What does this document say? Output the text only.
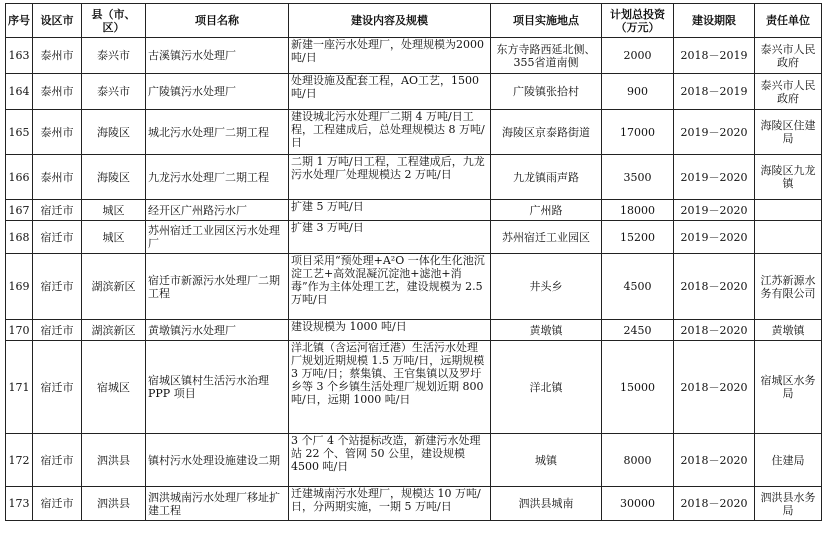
序号	设区市	县（市、区）	项目名称	建设内容及规模	项目实施地点	计划总投资（万元）	建设期限	责任单位
163	泰州市	泰兴市	古溪镇污水处理厂	新建一座污水处理厂，处理规模为2000吨/日	东方寺路西延北侧、355省道南侧	2000	2018－2019	泰兴市人民政府
164	泰州市	泰兴市	广陵镇污水处理厂	处理设施及配套工程，AO工艺，1500吨/日	广陵镇张拾村	900	2018－2019	泰兴市人民政府
165	泰州市	海陵区	城北污水处理厂二期工程	建设城北污水处理厂二期 4 万吨/日工程，工程建成后，总处理规模达 8 万吨/日	海陵区京泰路街道	17000	2019－2020	海陵区住建局
166	泰州市	海陵区	九龙污水处理厂二期工程	二期 1 万吨/日工程，工程建成后，九龙污水处理厂处理规模达 2 万吨/日	九龙镇雨声路	3500	2019－2020	海陵区九龙镇
167	宿迁市	城区	经开区广州路污水厂	扩建 5 万吨/日	广州路	18000	2019－2020	
168	宿迁市	城区	苏州宿迁工业园区污水处理厂	扩建 3 万吨/日	苏州宿迁工业园区	15200	2019－2020	
169	宿迁市	湖滨新区	宿迁市新源污水处理厂二期工程	项目采用“预处理+A²O 一体化生化池沉淀工艺+高效混凝沉淀池+滤池+消毒”作为主体处理工艺，建设规模为 2.5 万吨/日	井头乡	4500	2018－2020	江苏新源水务有限公司
170	宿迁市	湖滨新区	黄墩镇污水处理厂	建设规模为 1000 吨/日	黄墩镇	2450	2018－2020	黄墩镇
171	宿迁市	宿城区	宿城区镇村生活污水治理 PPP 项目	洋北镇（含运河宿迁港）生活污水处理厂规划近期规模 1.5 万吨/日，远期规模 3 万吨/日；蔡集镇、王官集镇以及罗圩乡等 3 个乡镇生活处理厂规划近期 800 吨/日，远期 1000 吨/日	洋北镇	15000	2018－2020	宿城区水务局
172	宿迁市	泗洪县	镇村污水处理设施建设二期	3 个厂 4 个站提标改造，新建污水处理站 22 个、管网 50 公里，建设规模4500 吨/日	城镇	8000	2018－2020	住建局
173	宿迁市	泗洪县	泗洪城南污水处理厂移址扩建工程	迁建城南污水处理厂，规模达 10 万吨/日，分两期实施，一期 5 万吨/日	泗洪县城南	30000	2018－2020	泗洪县水务局
